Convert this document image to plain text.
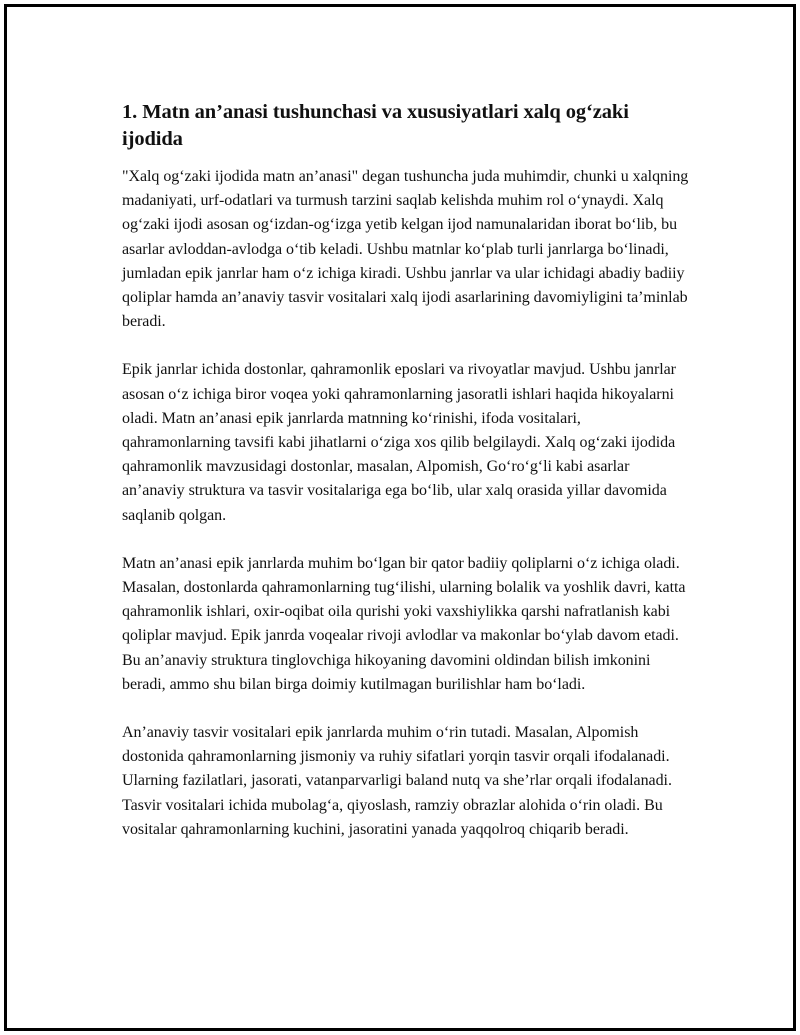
1. Matn an’anasi tushunchasi va xususiyatlari xalq og‘zaki ijodida

"Xalq og‘zaki ijodida matn an’anasi" degan tushuncha juda muhimdir, chunki u xalqning madaniyati, urf-odatlari va turmush tarzini saqlab kelishda muhim rol o‘ynaydi. Xalq og‘zaki ijodi asosan og‘izdan-og‘izga yetib kelgan ijod namunalaridan iborat bo‘lib, bu asarlar avloddan-avlodga o‘tib keladi. Ushbu matnlar ko‘plab turli janrlarga bo‘linadi, jumladan epik janrlar ham o‘z ichiga kiradi. Ushbu janrlar va ular ichidagi abadiy badiiy qoliplar hamda an’anaviy tasvir vositalari xalq ijodi asarlarining davomiyligini ta’minlab beradi.

Epik janrlar ichida dostonlar, qahramonlik eposlari va rivoyatlar mavjud. Ushbu janrlar asosan o‘z ichiga biror voqea yoki qahramonlarning jasoratli ishlari haqida hikoyalarni oladi. Matn an’anasi epik janrlarda matnning ko‘rinishi, ifoda vositalari, qahramonlarning tavsifi kabi jihatlarni o‘ziga xos qilib belgilaydi. Xalq og‘zaki ijodida qahramonlik mavzusidagi dostonlar, masalan, Alpomish, Go‘ro‘g‘li kabi asarlar an’anaviy struktura va tasvir vositalariga ega bo‘lib, ular xalq orasida yillar davomida saqlanib qolgan.

Matn an’anasi epik janrlarda muhim bo‘lgan bir qator badiiy qoliplarni o‘z ichiga oladi. Masalan, dostonlarda qahramonlarning tug‘ilishi, ularning bolalik va yoshlik davri, katta qahramonlik ishlari, oxir-oqibat oila qurishi yoki vaxshiylikka qarshi nafratlanish kabi qoliplar mavjud. Epik janrda voqealar rivoji avlodlar va makonlar bo‘ylab davom etadi. Bu an’anaviy struktura tinglovchiga hikoyaning davomini oldindan bilish imkonini beradi, ammo shu bilan birga doimiy kutilmagan burilishlar ham bo‘ladi.

An’anaviy tasvir vositalari epik janrlarda muhim o‘rin tutadi. Masalan, Alpomish dostonida qahramonlarning jismoniy va ruhiy sifatlari yorqin tasvir orqali ifodalanadi. Ularning fazilatlari, jasorati, vatanparvarligi baland nutq va she’rlar orqali ifodalanadi. Tasvir vositalari ichida mubolag‘a, qiyoslash, ramziy obrazlar alohida o‘rin oladi. Bu vositalar qahramonlarning kuchini, jasoratini yanada yaqqolroq chiqarib beradi.
